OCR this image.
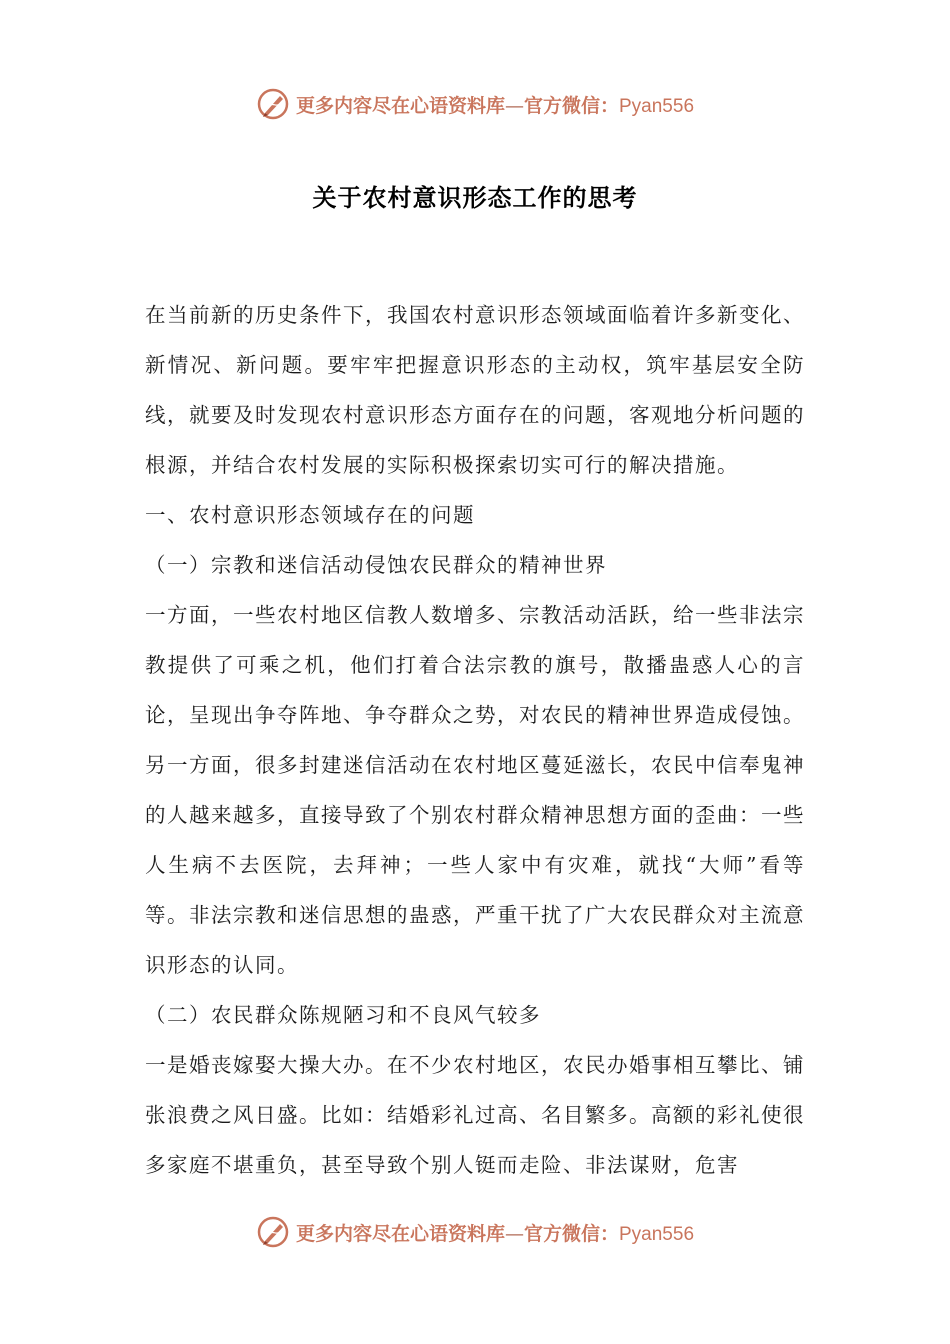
更多内容尽在心语资料库—官方微信：Pyan556
关于农村意识形态工作的思考

在当前新的历史条件下，我国农村意识形态领域面临着许多新变化、新情况、新问题。要牢牢把握意识形态的主动权，筑牢基层安全防线，就要及时发现农村意识形态方面存在的问题，客观地分析问题的根源，并结合农村发展的实际积极探索切实可行的解决措施。

一、农村意识形态领域存在的问题

（一）宗教和迷信活动侵蚀农民群众的精神世界

一方面，一些农村地区信教人数增多、宗教活动活跃，给一些非法宗教提供了可乘之机，他们打着合法宗教的旗号，散播蛊惑人心的言论，呈现出争夺阵地、争夺群众之势，对农民的精神世界造成侵蚀。另一方面，很多封建迷信活动在农村地区蔓延滋长，农民中信奉鬼神的人越来越多，直接导致了个别农村群众精神思想方面的歪曲：一些人生病不去医院，去拜神；一些人家中有灾难，就找“大师”看等等。非法宗教和迷信思想的蛊惑，严重干扰了广大农民群众对主流意识形态的认同。

（二）农民群众陈规陋习和不良风气较多

一是婚丧嫁娶大操大办。在不少农村地区，农民办婚事相互攀比、铺张浪费之风日盛。比如：结婚彩礼过高、名目繁多。高额的彩礼使很多家庭不堪重负，甚至导致个别人铤而走险、非法谋财，危害

更多内容尽在心语资料库—官方微信：Pyan556
